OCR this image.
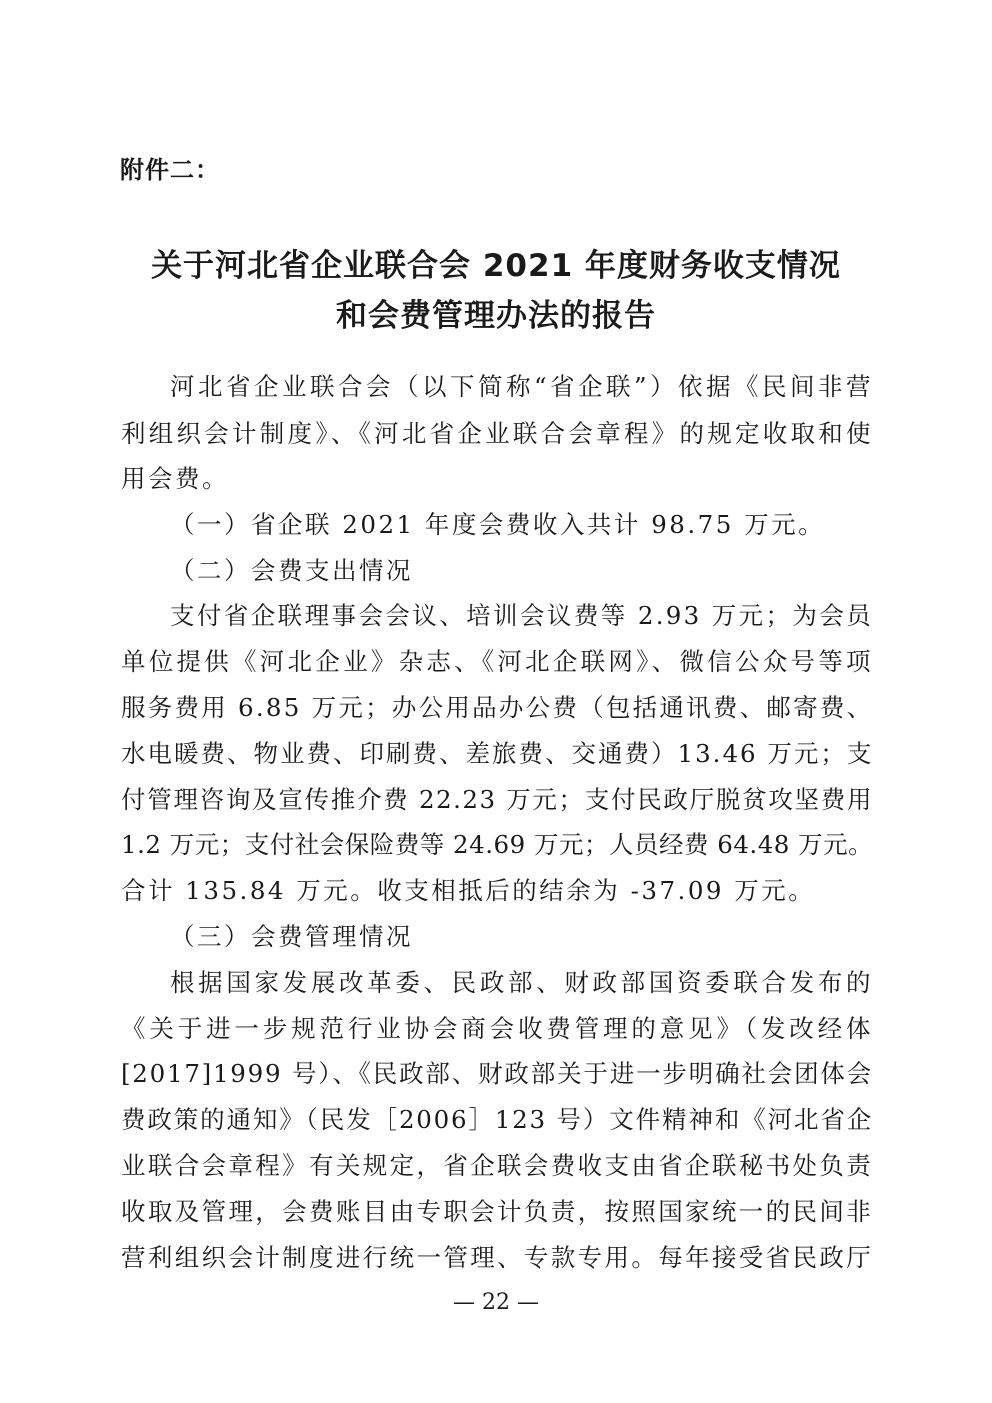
附件二：
关于河北省企业联合会 2021 年度财务收支情况
和会费管理办法的报告
河北省企业联合会（以下简称“省企联”）依据《民间非营
利组织会计制度》、《河北省企业联合会章程》的规定收取和使
用会费。
（一）省企联 2021 年度会费收入共计 98.75 万元。
（二）会费支出情况
支付省企联理事会会议、培训会议费等 2.93 万元；为会员
单位提供《河北企业》杂志、《河北企联网》、微信公众号等项
服务费用 6.85 万元；办公用品办公费（包括通讯费、邮寄费、
水电暖费、物业费、印刷费、差旅费、交通费）13.46 万元；支
付管理咨询及宣传推介费 22.23 万元；支付民政厅脱贫攻坚费用
1.2 万元；支付社会保险费等 24.69 万元；人员经费 64.48 万元。
合计 135.84 万元。收支相抵后的结余为 -37.09 万元。
（三）会费管理情况
根据国家发展改革委、民政部、财政部国资委联合发布的
《关于进一步规范行业协会商会收费管理的意见》（发改经体
[2017]1999 号）、《民政部、财政部关于进一步明确社会团体会
费政策的通知》（民发［2006］123 号）文件精神和《河北省企
业联合会章程》有关规定，省企联会费收支由省企联秘书处负责
收取及管理，会费账目由专职会计负责，按照国家统一的民间非
营利组织会计制度进行统一管理、专款专用。每年接受省民政厅
— 22 —
